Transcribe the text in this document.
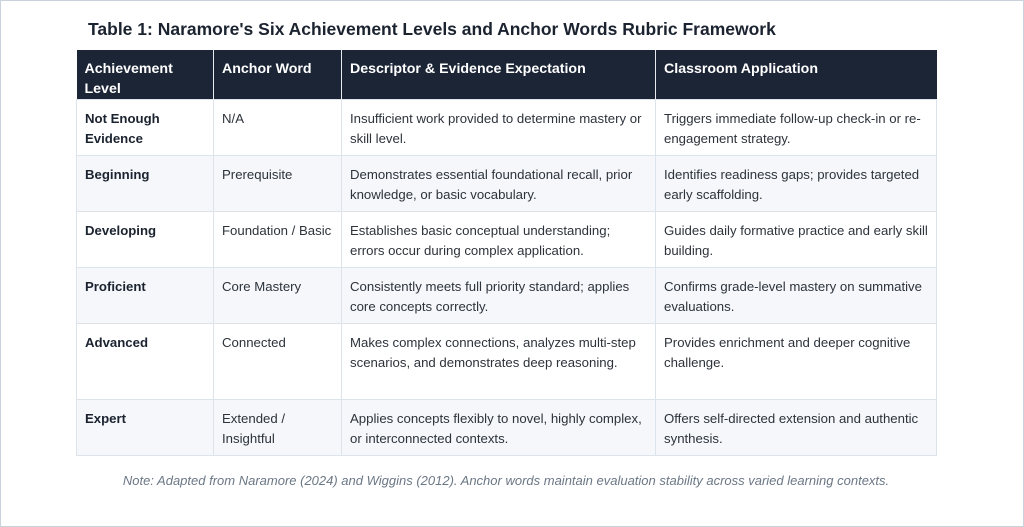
Table 1: Naramore's Six Achievement Levels and Anchor Words Rubric Framework
Achievement Level	Anchor Word	Descriptor & Evidence Expectation	Classroom Application
Not Enough Evidence	N/A	Insufficient work provided to determine mastery or skill level.	Triggers immediate follow-up check-in or re-engagement strategy.
Beginning	Prerequisite	Demonstrates essential foundational recall, prior knowledge, or basic vocabulary.	Identifies readiness gaps; provides targeted early scaffolding.
Developing	Foundation / Basic	Establishes basic conceptual understanding; errors occur during complex application.	Guides daily formative practice and early skill building.
Proficient	Core Mastery	Consistently meets full priority standard; applies core concepts correctly.	Confirms grade-level mastery on summative evaluations.
Advanced	Connected	Makes complex connections, analyzes multi-step scenarios, and demonstrates deep reasoning.	Provides enrichment and deeper cognitive challenge.
Expert	Extended / Insightful	Applies concepts flexibly to novel, highly complex, or interconnected contexts.	Offers self-directed extension and authentic synthesis.
Note: Adapted from Naramore (2024) and Wiggins (2012). Anchor words maintain evaluation stability across varied learning contexts.
